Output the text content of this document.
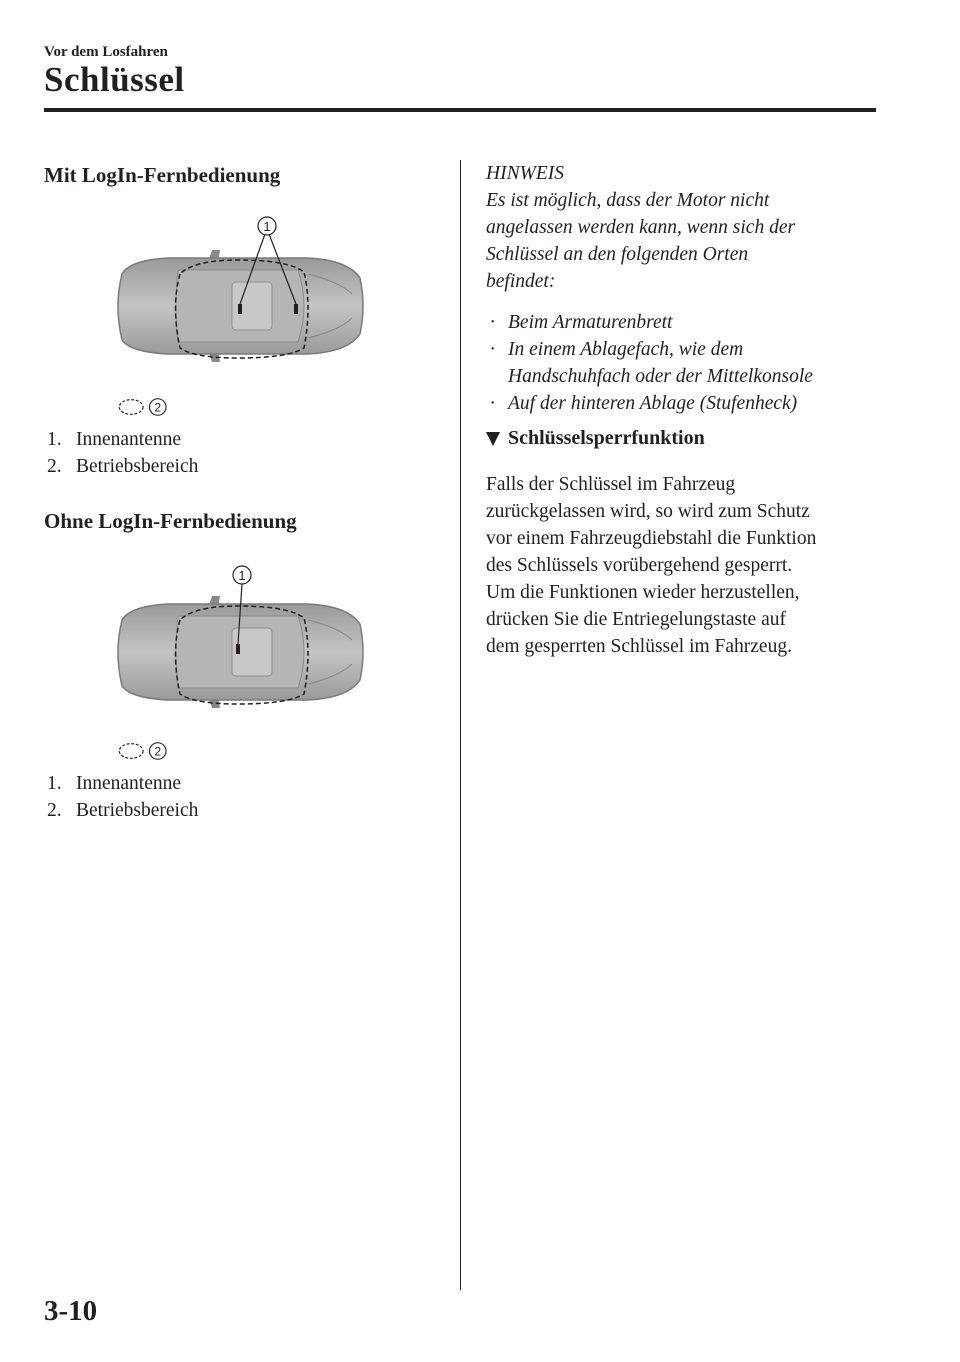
Vor dem Losfahren
Schlüssel
Mit LogIn-Fernbedienung
1
2
1. Innenantenne
2. Betriebsbereich
Ohne LogIn-Fernbedienung
1
2
1. Innenantenne
2. Betriebsbereich
HINWEIS
Es ist möglich, dass der Motor nicht
angelassen werden kann, wenn sich der
Schlüssel an den folgenden Orten
befindet:
· Beim Armaturenbrett
· In einem Ablagefach, wie dem
Handschuhfach oder der Mittelkonsole
· Auf der hinteren Ablage (Stufenheck)
Schlüsselsperrfunktion
Falls der Schlüssel im Fahrzeug
zurückgelassen wird, so wird zum Schutz
vor einem Fahrzeugdiebstahl die Funktion
des Schlüssels vorübergehend gesperrt.
Um die Funktionen wieder herzustellen,
drücken Sie die Entriegelungstaste auf
dem gesperrten Schlüssel im Fahrzeug.
3-10
